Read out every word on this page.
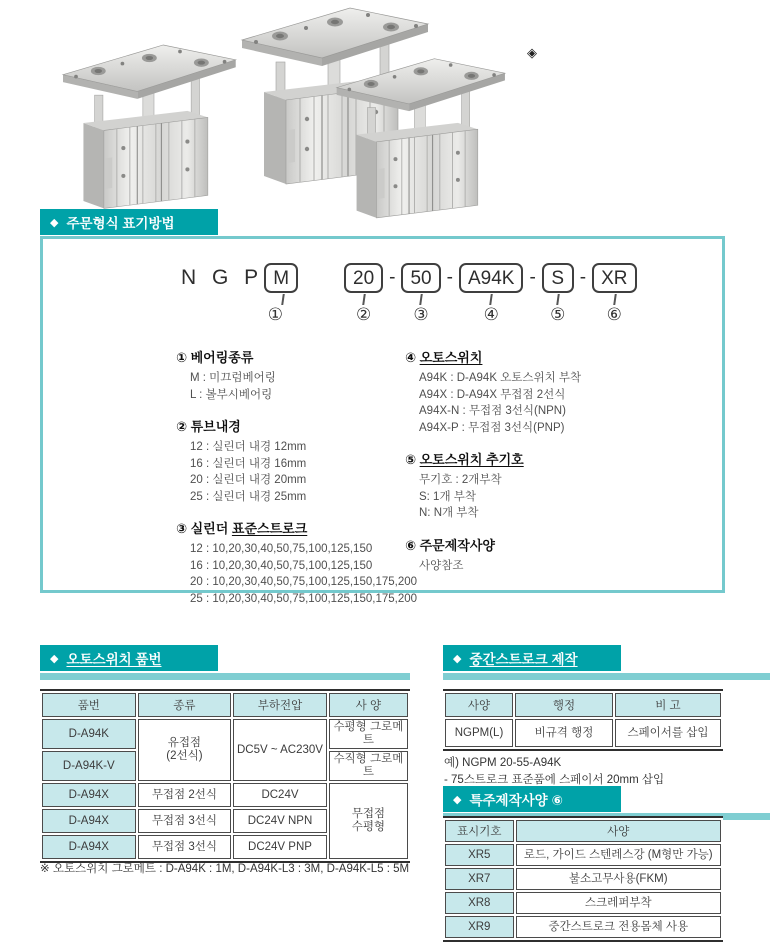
◈
◆ 주문형식 표기방법
N G P M
①
20
②
- 50
③
- A94K
④
- S
⑤
- XR
⑥
① 베어링종류
M : 미끄럼베어링
L : 볼부시베어링
② 튜브내경
12 : 실린더 내경 12mm
16 : 실린더 내경 16mm
20 : 실린더 내경 20mm
25 : 실린더 내경 25mm
③ 실린더 표준스트로크
12 : 10,20,30,40,50,75,100,125,150
16 : 10,20,30,40,50,75,100,125,150
20 : 10,20,30,40,50,75,100,125,150,175,200
25 : 10,20,30,40,50,75,100,125,150,175,200
④ 오토스위치
A94K : D-A94K 오토스위치 부착
A94X : D-A94X 무접점 2선식
A94X-N : 무접점 3선식(NPN)
A94X-P : 무접점 3선식(PNP)
⑤ 오토스위치 추기호
무기호 : 2개부착
S: 1개 부착
N: N개 부착
⑥ 주문제작사양
사양참조
◆ 오토스위치 품번
품번	종류	부하전압	사 양
D-A94K	유접점
(2선식)	DC5V ~ AC230V	수평형 그로메트
D-A94K-V			수직형 그로메트
D-A94X	무접점 2선식	DC24V	무접점
수평형

D-A94X	무접점 3선식	DC24V NPN	
D-A94X	무접점 3선식	DC24V PNP	
※ 오토스위치 그로메트 : D-A94K : 1M, D-A94K-L3 : 3M, D-A94K-L5 : 5M
◆ 중간스트로크 제작
사양	행정	비 고
NGPM(L)	비규격 행정	스페이서를 삽입
예) NGPM 20-55-A94K
- 75스트로크 표준품에 스페이서 20mm 삽입
◆ 특주제작사양 ⑥
표시기호	사양
XR5	로드, 가이드 스텐레스강 (M형만 가능)
XR7	불소고무사용(FKM)
XR8	스크레퍼부착
XR9	중간스트로크 전용몸체 사용
